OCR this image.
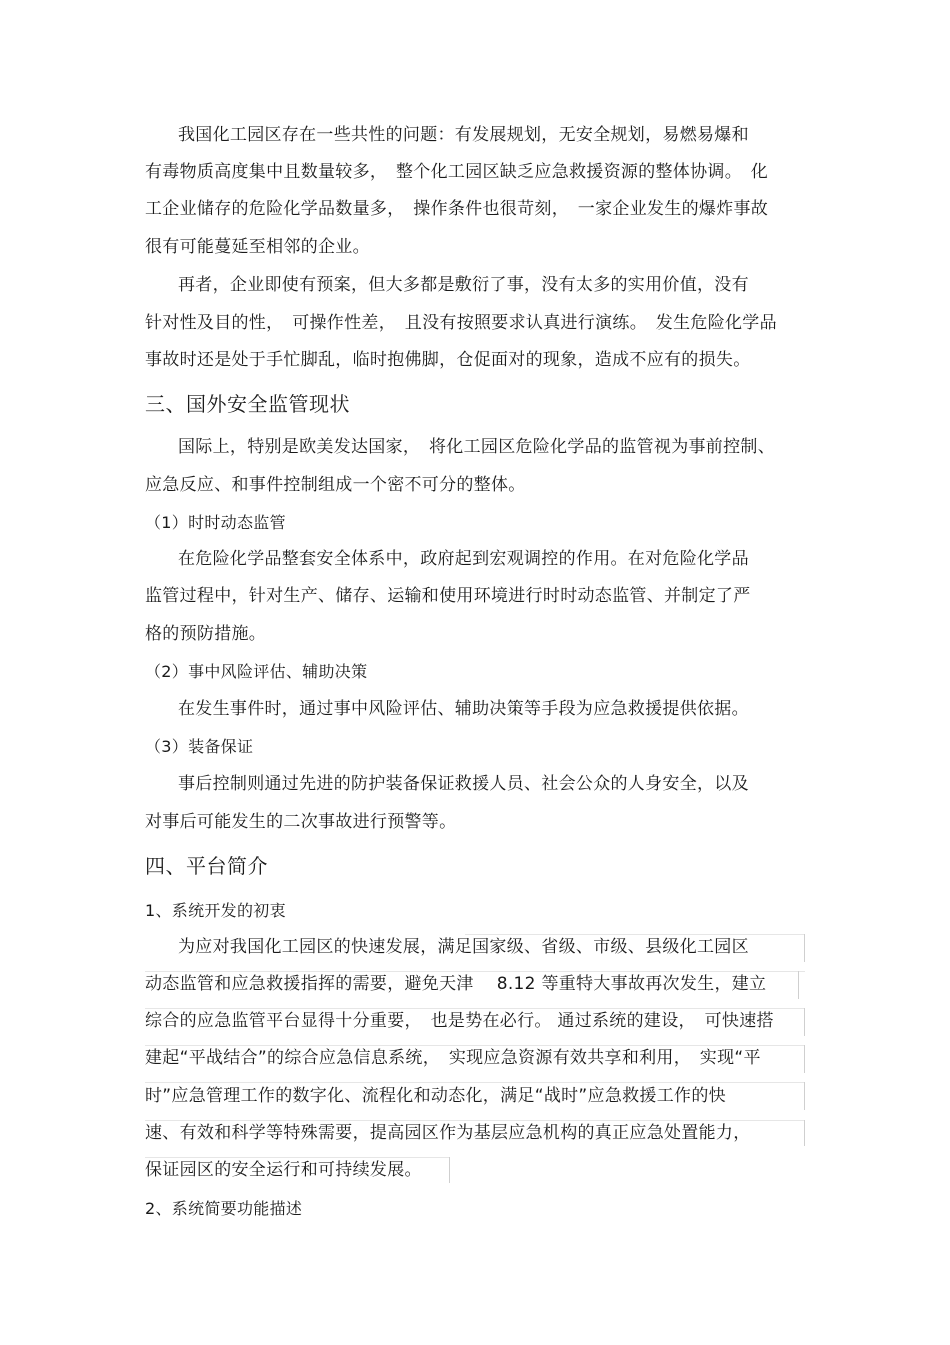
我国化工园区存在一些共性的问题：有发展规划，无安全规划，易燃易爆和
有毒物质高度集中且数量较多，　整个化工园区缺乏应急救援资源的整体协调。　化
工企业储存的危险化学品数量多，　操作条件也很苛刻，　一家企业发生的爆炸事故
很有可能蔓延至相邻的企业。
再者，企业即使有预案，但大多都是敷衍了事，没有太多的实用价值，没有
针对性及目的性，　可操作性差，　且没有按照要求认真进行演练。　发生危险化学品
事故时还是处于手忙脚乱，临时抱佛脚，仓促面对的现象，造成不应有的损失。
三、国外安全监管现状
国际上，特别是欧美发达国家，　将化工园区危险化学品的监管视为事前控制、
应急反应、和事件控制组成一个密不可分的整体。
（1）时时动态监管
在危险化学品整套安全体系中，政府起到宏观调控的作用。在对危险化学品
监管过程中，针对生产、储存、运输和使用环境进行时时动态监管、并制定了严
格的预防措施。
（2）事中风险评估、辅助决策
在发生事件时，通过事中风险评估、辅助决策等手段为应急救援提供依据。
（3）装备保证
事后控制则通过先进的防护装备保证救援人员、社会公众的人身安全，以及
对事后可能发生的二次事故进行预警等。
四、平台简介
1、系统开发的初衷
为应对我国化工园区的快速发展，满足国家级、省级、市级、县级化工园区
动态监管和应急救援指挥的需要，避免天津　 8.12 等重特大事故再次发生，建立
综合的应急监管平台显得十分重要，　也是势在必行。 通过系统的建设，　可快速搭
建起“平战结合”的综合应急信息系统，　实现应急资源有效共享和利用，　实现“平
时”应急管理工作的数字化、流程化和动态化，满足“战时”应急救援工作的快
速、有效和科学等特殊需要，提高园区作为基层应急机构的真正应急处置能力，
保证园区的安全运行和可持续发展。
2、系统简要功能描述
